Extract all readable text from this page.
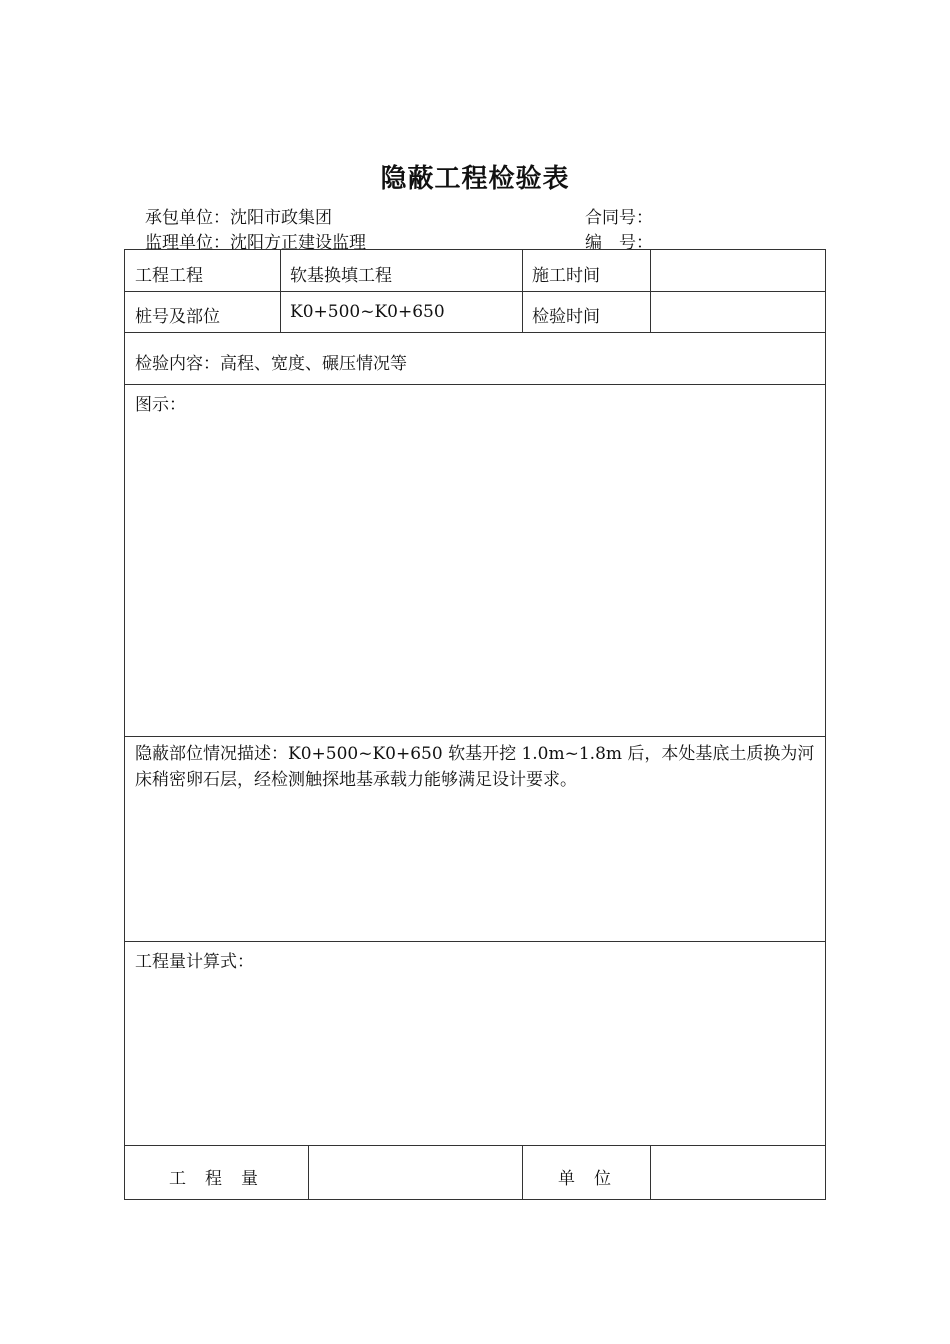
隐蔽工程检验表
承包单位：沈阳市政集团	合同号：
监理单位：沈阳方正建设监理	编　号：
工程工程	软基换填工程	施工时间
桩号及部位	K0+500~K0+650	检验时间
检验内容：高程、宽度、碾压情况等
图示：
隐蔽部位情况描述：K0+500~K0+650 软基开挖 1.0m~1.8m 后，本处基底土质换为河床稍密卵石层，经检测触探地基承载力能够满足设计要求。
工程量计算式：
工　程　量	单　位
